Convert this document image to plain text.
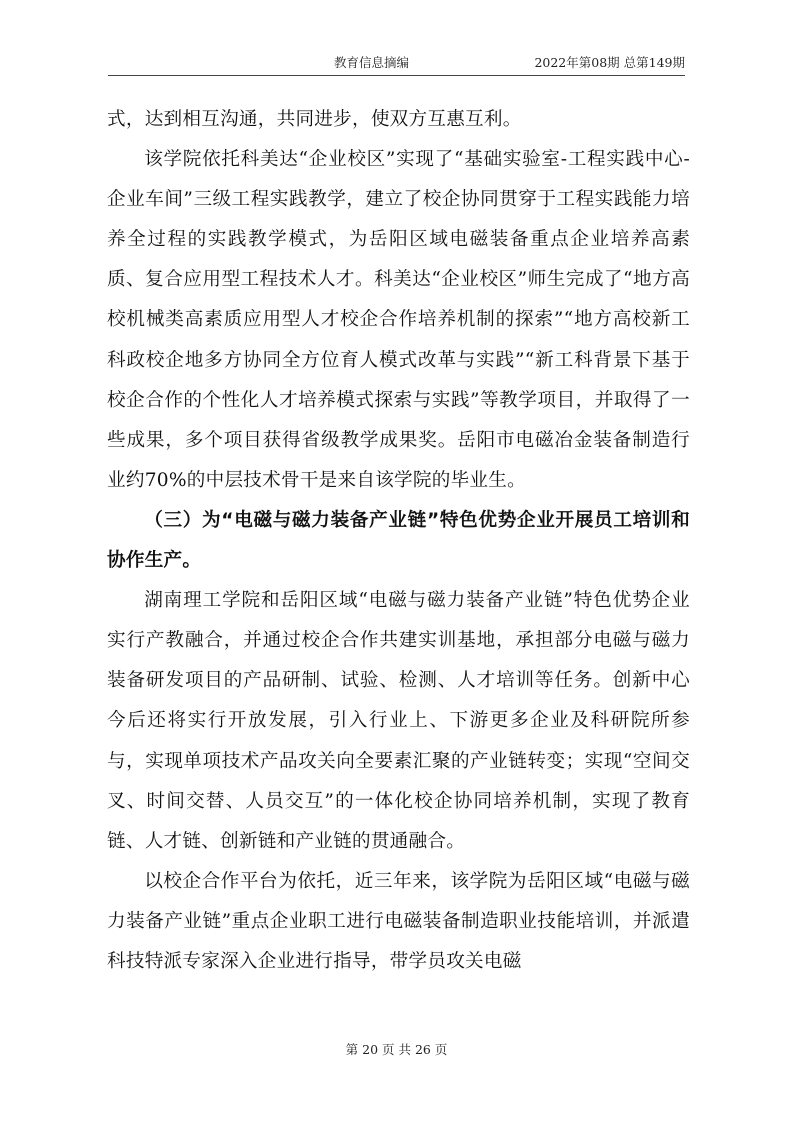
教育信息摘编	2022年第08期 总第149期

式，达到相互沟通，共同进步，使双方互惠互利。

该学院依托科美达“企业校区”实现了“基础实验室-工程实践中心-企业车间”三级工程实践教学，建立了校企协同贯穿于工程实践能力培养全过程的实践教学模式，为岳阳区域电磁装备重点企业培养高素质、复合应用型工程技术人才。科美达“企业校区”师生完成了“地方高校机械类高素质应用型人才校企合作培养机制的探索”“地方高校新工科政校企地多方协同全方位育人模式改革与实践”“新工科背景下基于校企合作的个性化人才培养模式探索与实践”等教学项目，并取得了一些成果，多个项目获得省级教学成果奖。岳阳市电磁冶金装备制造行业约70%的中层技术骨干是来自该学院的毕业生。

（三）为“电磁与磁力装备产业链”特色优势企业开展员工培训和协作生产。

湖南理工学院和岳阳区域“电磁与磁力装备产业链”特色优势企业实行产教融合，并通过校企合作共建实训基地，承担部分电磁与磁力装备研发项目的产品研制、试验、检测、人才培训等任务。创新中心今后还将实行开放发展，引入行业上、下游更多企业及科研院所参与，实现单项技术产品攻关向全要素汇聚的产业链转变；实现“空间交叉、时间交替、人员交互”的一体化校企协同培养机制，实现了教育链、人才链、创新链和产业链的贯通融合。

以校企合作平台为依托，近三年来，该学院为岳阳区域“电磁与磁力装备产业链”重点企业职工进行电磁装备制造职业技能培训，并派遣科技特派专家深入企业进行指导，带学员攻关电磁

第 20 页 共 26 页
